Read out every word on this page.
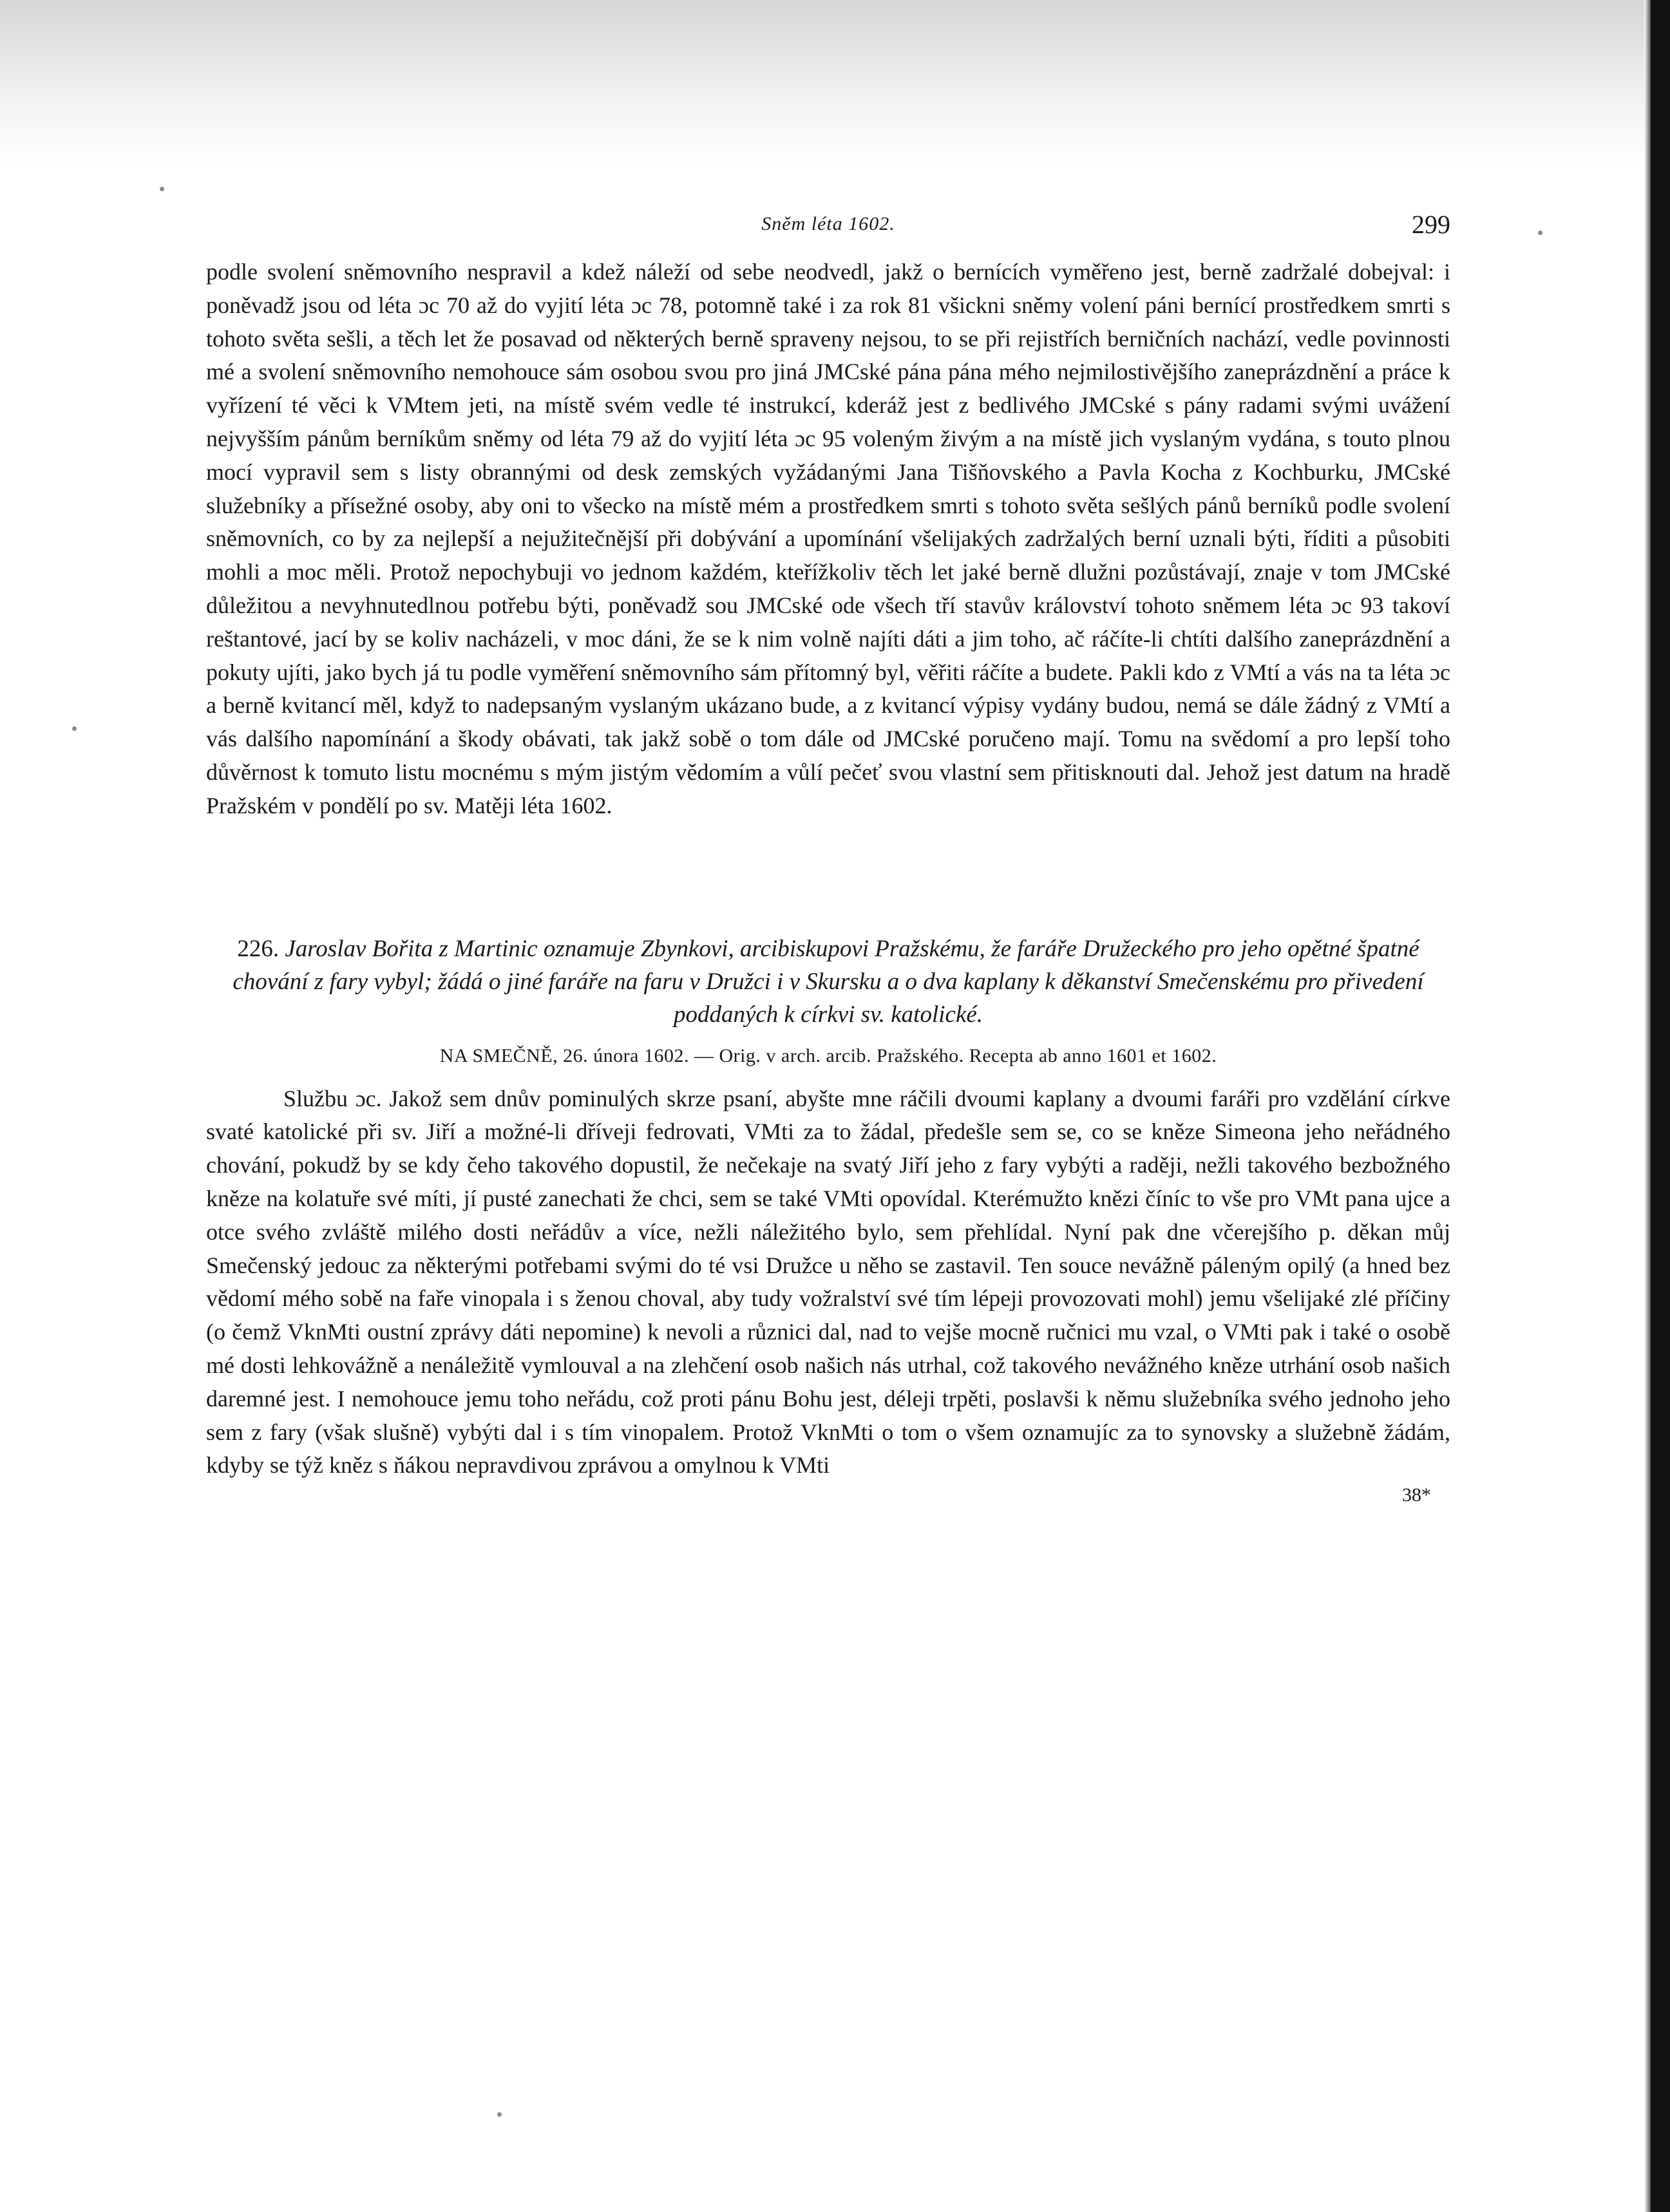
Sněm léta 1602.	299

podle svolení sněmovního nespravil a kdež náleží od sebe neodvedl, jakž o bernících vyměřeno jest, berně zadržalé dobejval: i poněvadž jsou od léta ɔc 70 až do vyjití léta ɔc 78, potomně také i za rok 81 všickni sněmy volení páni bernící prostředkem smrti s tohoto světa sešli, a těch let že posavad od některých berně spraveny nejsou, to se při rejistřích berničních nachází, vedle povinnosti mé a svolení sněmovního nemohouce sám osobou svou pro jiná JMCské pána pána mého nejmilostivějšího zaneprázdnění a práce k vyřízení té věci k VMtem jeti, na místě svém vedle té instrukcí, kderáž jest z bedlivého JMCské s pány radami svými uvážení nejvyšším pánům berníkům sněmy od léta 79 až do vyjití léta ɔc 95 voleným živým a na místě jich vyslaným vydána, s touto plnou mocí vypravil sem s listy obrannými od desk zemských vyžádanými Jana Tišňovského a Pavla Kocha z Kochburku, JMCské služebníky a přísežné osoby, aby oni to všecko na místě mém a prostředkem smrti s tohoto světa sešlých pánů berníků podle svolení sněmovních, co by za nejlepší a nejužitečnější při dobývání a upomínání všelijakých zadržalých berní uznali býti, říditi a působiti mohli a moc měli. Protož nepochybuji vo jednom každém, kteřížkoliv těch let jaké berně dlužni pozůstávají, znaje v tom JMCské důležitou a nevyhnutedlnou potřebu býti, poněvadž sou JMCské ode všech tří stavův království tohoto sněmem léta ɔc 93 takoví reštantové, jací by se koliv nacházeli, v moc dáni, že se k nim volně najíti dáti a jim toho, ač ráčíte-li chtíti dalšího zaneprázdnění a pokuty ujíti, jako bych já tu podle vyměření sněmovního sám přítomný byl, věřiti ráčíte a budete. Pakli kdo z VMtí a vás na ta léta ɔc a berně kvitancí měl, když to nadepsaným vyslaným ukázano bude, a z kvitancí výpisy vydány budou, nemá se dále žádný z VMtí a vás dalšího napomínání a škody obávati, tak jakž sobě o tom dále od JMCské poručeno mají. Tomu na svědomí a pro lepší toho důvěrnost k tomuto listu mocnému s mým jistým vědomím a vůlí pečeť svou vlastní sem přitisknouti dal. Jehož jest datum na hradě Pražském v pondělí po sv. Matěji léta 1602.

226. Jaroslav Bořita z Martinic oznamuje Zbynkovi, arcibiskupovi Pražskému, že faráře Družeckého pro jeho opětné špatné chování z fary vybyl; žádá o jiné faráře na faru v Družci i v Skursku a o dva kaplany k děkanství Smečenskému pro přivedení poddaných k církvi sv. katolické.
NA SMEČNĚ, 26. února 1602. — Orig. v arch. arcib. Pražského. Recepta ab anno 1601 et 1602.

Službu ɔc. Jakož sem dnův pominulých skrze psaní, abyšte mne ráčili dvoumi kaplany a dvoumi faráři pro vzdělání církve svaté katolické při sv. Jiří a možné-li dříveji fedrovati, VMti za to žádal, předešle sem se, co se kněze Simeona jeho neřádného chování, pokudž by se kdy čeho takového dopustil, že nečekaje na svatý Jiří jeho z fary vybýti a raději, nežli takového bezbožného kněze na kolatuře své míti, jí pusté zanechati že chci, sem se také VMti opovídal. Kterémužto knězi číníc to vše pro VMt pana ujce a otce svého zvláště milého dosti neřádův a více, nežli náležitého bylo, sem přehlídal. Nyní pak dne včerejšího p. děkan můj Smečenský jedouc za některými potřebami svými do té vsi Družce u něho se zastavil. Ten souce nevážně páleným opilý (a hned bez vědomí mého sobě na faře vinopala i s ženou choval, aby tudy vožralství své tím lépeji provozovati mohl) jemu všelijaké zlé příčiny (o čemž VknMti oustní zprávy dáti nepomine) k nevoli a různici dal, nad to vejše mocně ručnici mu vzal, o VMti pak i také o osobě mé dosti lehkovážně a nenáležitě vymlouval a na zlehčení osob našich nás utrhal, což takového nevážného kněze utrhání osob našich daremné jest. I nemohouce jemu toho neřádu, což proti pánu Bohu jest, déleji trpěti, poslavši k němu služebníka svého jednoho jeho sem z fary (však slušně) vybýti dal i s tím vinopalem. Protož VknMti o tom o všem oznamujíc za to synovsky a služebně žádám, kdyby se týž kněz s ňákou nepravdivou zprávou a omylnou k VMti

38*
